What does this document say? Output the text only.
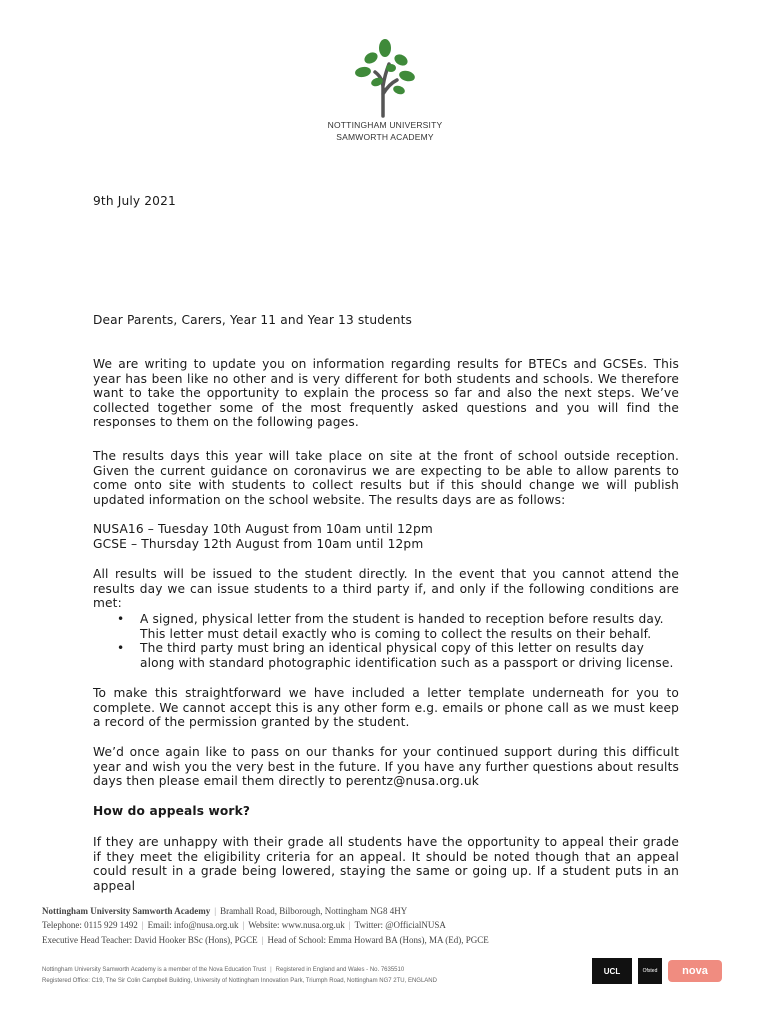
NOTTINGHAM UNIVERSITY
SAMWORTH ACADEMY
9th July 2021
Dear Parents, Carers, Year 11 and Year 13 students
We are writing to update you on information regarding results for BTECs and GCSEs. This year has been like no other and is very different for both students and schools. We therefore want to take the opportunity to explain the process so far and also the next steps. We’ve collected together some of the most frequently asked questions and you will find the responses to them on the following pages.
The results days this year will take place on site at the front of school outside reception. Given the current guidance on coronavirus we are expecting to be able to allow parents to come onto site with students to collect results but if this should change we will publish updated information on the school website. The results days are as follows:
NUSA16 – Tuesday 10th August from 10am until 12pm
GCSE – Thursday 12th August from 10am until 12pm
All results will be issued to the student directly. In the event that you cannot attend the results day we can issue students to a third party if, and only if the following conditions are met:
• A signed, physical letter from the student is handed to reception before results day. This letter must detail exactly who is coming to collect the results on their behalf.
• The third party must bring an identical physical copy of this letter on results day along with standard photographic identification such as a passport or driving license.
To make this straightforward we have included a letter template underneath for you to complete. We cannot accept this is any other form e.g. emails or phone call as we must keep a record of the permission granted by the student.
We’d once again like to pass on our thanks for your continued support during this difficult year and wish you the very best in the future. If you have any further questions about results days then please email them directly to perentz@nusa.org.uk
How do appeals work?
If they are unhappy with their grade all students have the opportunity to appeal their grade if they meet the eligibility criteria for an appeal. It should be noted though that an appeal could result in a grade being lowered, staying the same or going up. If a student puts in an appeal
Nottingham University Samworth Academy | Bramhall Road, Bilborough, Nottingham NG8 4HY
Telephone: 0115 929 1492 | Email: info@nusa.org.uk | Website: www.nusa.org.uk | Twitter: @OfficialNUSA
Executive Head Teacher: David Hooker BSc (Hons), PGCE | Head of School: Emma Howard BA (Hons), MA (Ed), PGCE
Nottingham University Samworth Academy is a member of the Nova Education Trust | Registered in England and Wales - No. 7635510
Registered Office: C19, The Sir Colin Campbell Building, University of Nottingham Innovation Park, Triumph Road, Nottingham NG7 2TU, ENGLAND
UCL	Ofsted	nova
